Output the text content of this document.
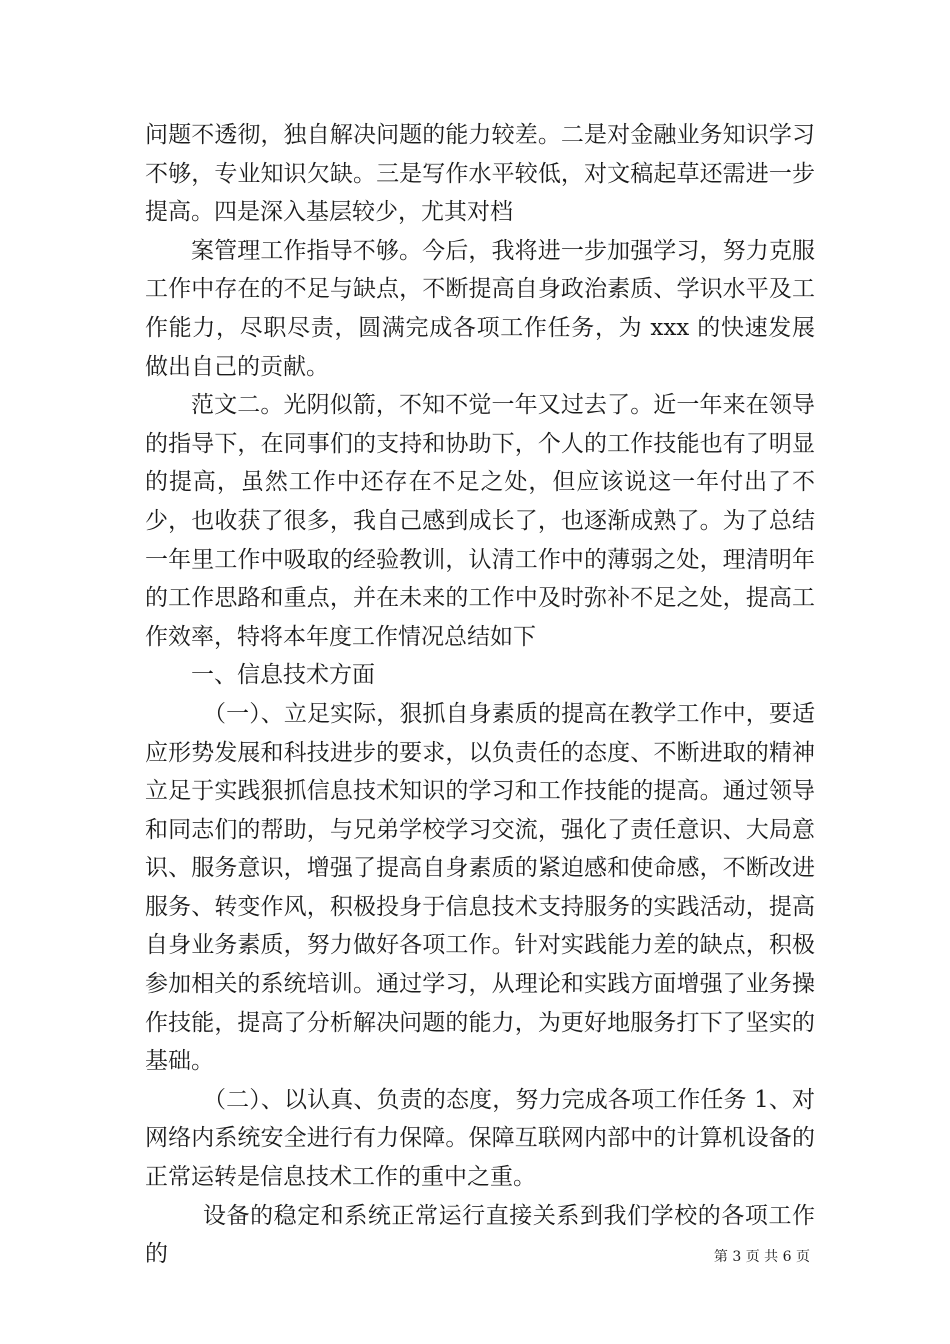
问题不透彻，独自解决问题的能力较差。二是对金融业务知识学习不够，专业知识欠缺。三是写作水平较低，对文稿起草还需进一步提高。四是深入基层较少，尤其对档

案管理工作指导不够。今后，我将进一步加强学习，努力克服工作中存在的不足与缺点，不断提高自身政治素质、学识水平及工作能力，尽职尽责，圆满完成各项工作任务，为 xxx 的快速发展做出自己的贡献。

范文二。光阴似箭，不知不觉一年又过去了。近一年来在领导的指导下，在同事们的支持和协助下，个人的工作技能也有了明显的提高，虽然工作中还存在不足之处，但应该说这一年付出了不少，也收获了很多，我自己感到成长了，也逐渐成熟了。为了总结一年里工作中吸取的经验教训，认清工作中的薄弱之处，理清明年的工作思路和重点，并在未来的工作中及时弥补不足之处，提高工作效率，特将本年度工作情况总结如下

一、信息技术方面

（一）、立足实际，狠抓自身素质的提高在教学工作中，要适应形势发展和科技进步的要求，以负责任的态度、不断进取的精神立足于实践狠抓信息技术知识的学习和工作技能的提高。通过领导和同志们的帮助，与兄弟学校学习交流，强化了责任意识、大局意识、服务意识，增强了提高自身素质的紧迫感和使命感，不断改进服务、转变作风，积极投身于信息技术支持服务的实践活动，提高自身业务素质，努力做好各项工作。针对实践能力差的缺点，积极参加相关的系统培训。通过学习，从理论和实践方面增强了业务操作技能，提高了分析解决问题的能力，为更好地服务打下了坚实的基础。

（二）、以认真、负责的态度，努力完成各项工作任务 1、对网络内系统安全进行有力保障。保障互联网内部中的计算机设备的正常运转是信息技术工作的重中之重。

设备的稳定和系统正常运行直接关系到我们学校的各项工作的	第 3 页 共 6 页
